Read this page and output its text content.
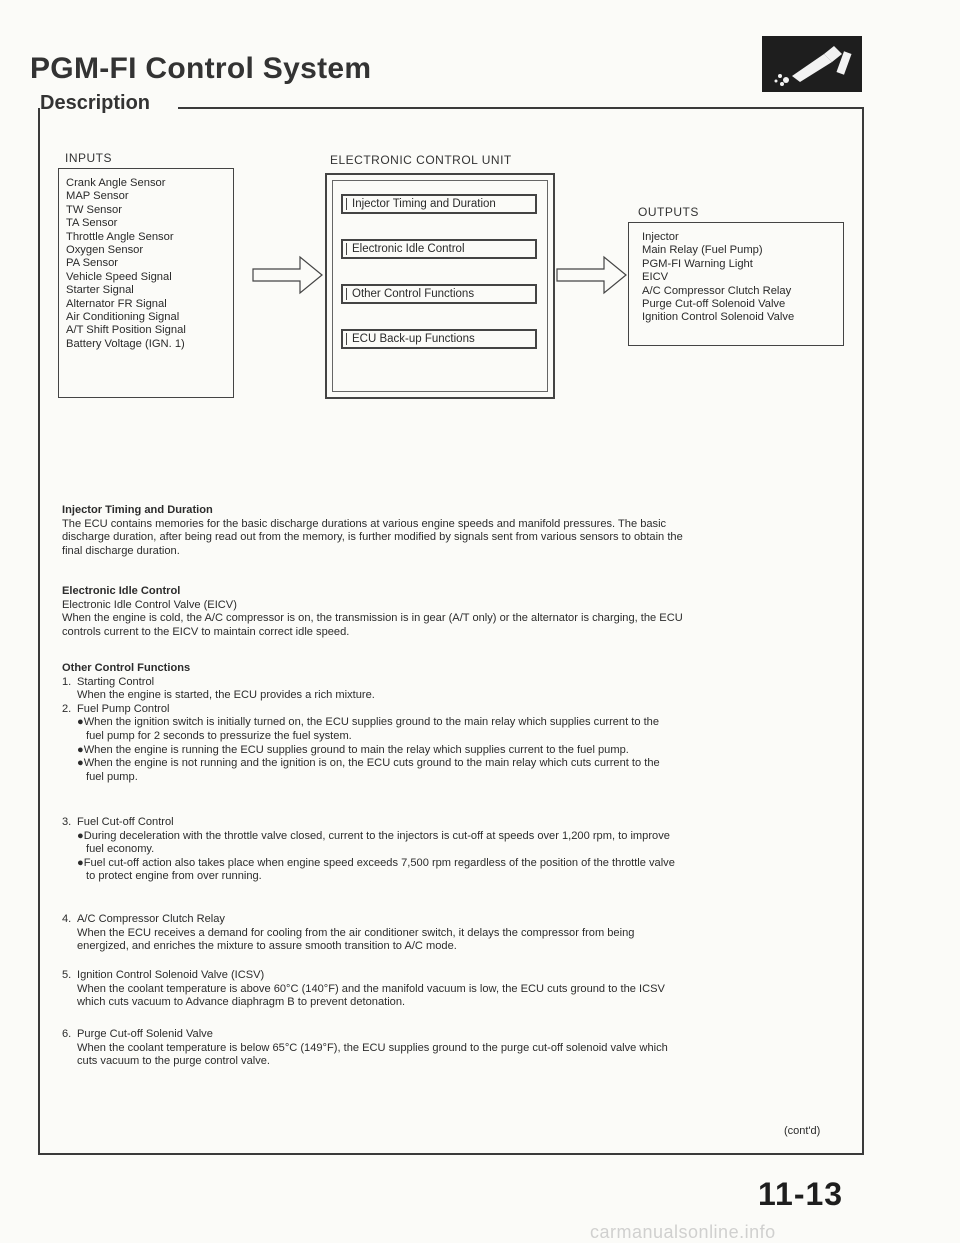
PGM-FI Control System
Description
INPUTS
Crank Angle Sensor
MAP Sensor
TW Sensor
TA Sensor
Throttle Angle Sensor
Oxygen Sensor
PA Sensor
Vehicle Speed Signal
Starter Signal
Alternator FR Signal
Air Conditioning Signal
A/T Shift Position Signal
Battery Voltage (IGN. 1)
ELECTRONIC CONTROL UNIT
Injector Timing and Duration
Electronic Idle Control
Other Control Functions
ECU Back-up Functions
OUTPUTS
Injector
Main Relay (Fuel Pump)
PGM-FI Warning Light
EICV
A/C Compressor Clutch Relay
Purge Cut-off Solenoid Valve
Ignition Control Solenoid Valve
Injector Timing and Duration
The ECU contains memories for the basic discharge durations at various engine speeds and manifold pressures. The basic
discharge duration, after being read out from the memory, is further modified by signals sent from various sensors to obtain the
final discharge duration.
Electronic Idle Control
Electronic Idle Control Valve (EICV)
When the engine is cold, the A/C compressor is on, the transmission is in gear (A/T only) or the alternator is charging, the ECU
controls current to the EICV to maintain correct idle speed.
Other Control Functions
1. Starting Control
When the engine is started, the ECU provides a rich mixture.
2. Fuel Pump Control
●When the ignition switch is initially turned on, the ECU supplies ground to the main relay which supplies current to the
fuel pump for 2 seconds to pressurize the fuel system.
●When the engine is running the ECU supplies ground to main the relay which supplies current to the fuel pump.
●When the engine is not running and the ignition is on, the ECU cuts ground to the main relay which cuts current to the
fuel pump.
3. Fuel Cut-off Control
●During deceleration with the throttle valve closed, current to the injectors is cut-off at speeds over 1,200 rpm, to improve
fuel economy.
●Fuel cut-off action also takes place when engine speed exceeds 7,500 rpm regardless of the position of the throttle valve
to protect engine from over running.
4. A/C Compressor Clutch Relay
When the ECU receives a demand for cooling from the air conditioner switch, it delays the compressor from being
energized, and enriches the mixture to assure smooth transition to A/C mode.
5. Ignition Control Solenoid Valve (ICSV)
When the coolant temperature is above 60°C (140°F) and the manifold vacuum is low, the ECU cuts ground to the ICSV
which cuts vacuum to Advance diaphragm B to prevent detonation.
6. Purge Cut-off Solenid Valve
When the coolant temperature is below 65°C (149°F), the ECU supplies ground to the purge cut-off solenoid valve which
cuts vacuum to the purge control valve.
(cont'd)
11-13
carmanualsonline.info
